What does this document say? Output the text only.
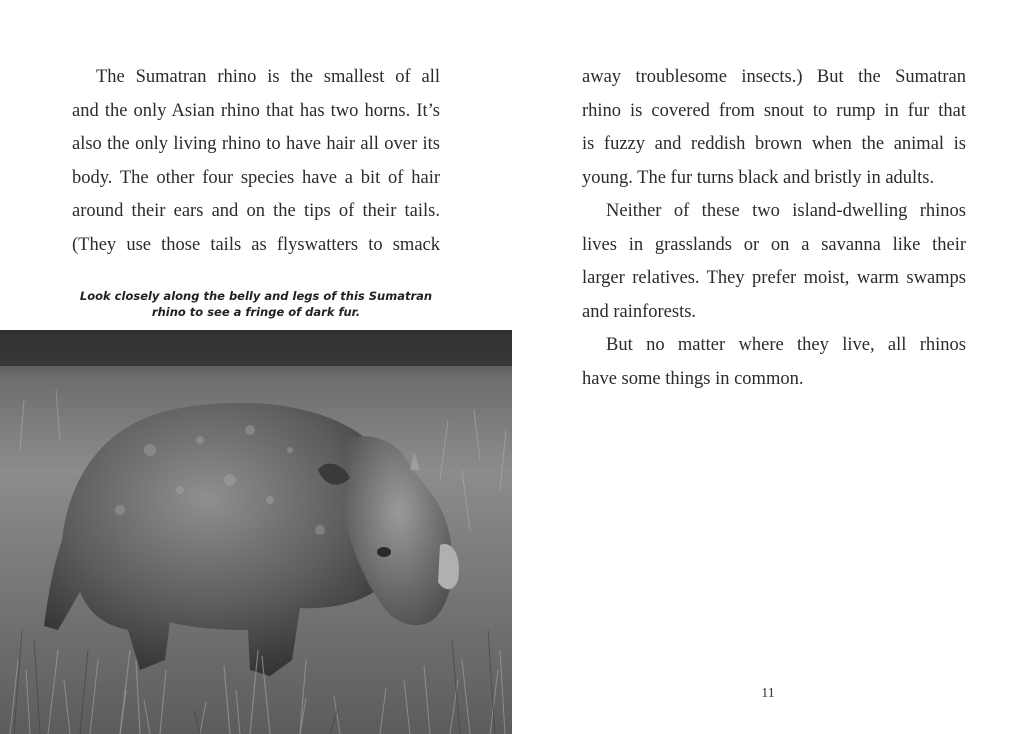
The Sumatran rhino is the smallest of all

and the only Asian rhino that has two horns. It’s

also the only living rhino to have hair all over its

body. The other four species have a bit of hair

around their ears and on the tips of their tails.

(They use those tails as flyswatters to smack

Look closely along the belly and legs of this Sumatran
rhino to see a fringe of dark fur.

away troublesome insects.) But the Sumatran

rhino is covered from snout to rump in fur that

is fuzzy and reddish brown when the animal is

young. The fur turns black and bristly in adults.

Neither of these two island-dwelling rhinos

lives in grasslands or on a savanna like their

larger relatives. They prefer moist, warm swamps

and rainforests.

But no matter where they live, all rhinos

have some things in common.

11
